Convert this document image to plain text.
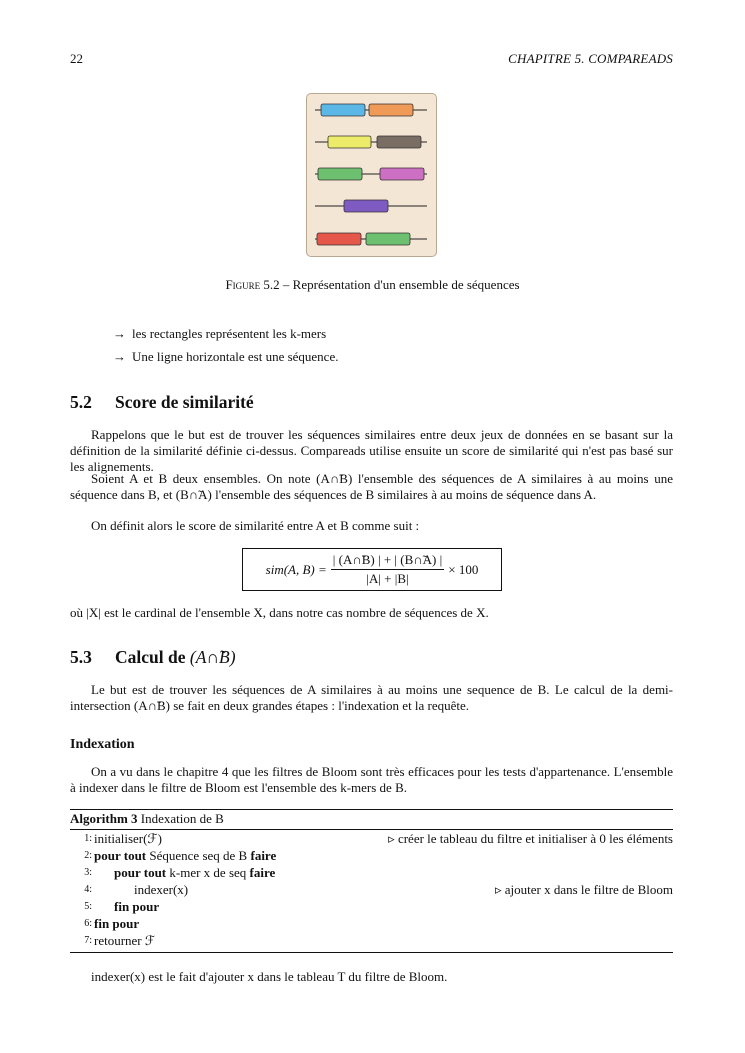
22	CHAPITRE 5. COMPAREADS
Figure 5.2 – Représentation d'un ensemble de séquences
→ les rectangles représentent les k-mers
→ Une ligne horizontale est une séquence.
5.2 Score de similarité

Rappelons que le but est de trouver les séquences similaires entre deux jeux de données en se basant sur la définition de la similarité définie ci-dessus. Compareads utilise ensuite un score de similarité qui n'est pas basé sur les alignements.

Soient A et B deux ensembles. On note (A∩̃B) l'ensemble des séquences de A similaires à au moins une séquence dans B, et (B∩̃A) l'ensemble des séquences de B similaires à au moins de séquence dans A.

On définit alors le score de similarité entre A et B comme suit :

sim(A, $B) = \frac{| (A\cap̃B) | + | (B\cap̃A) |}{|A| + |B|} \times 100$

où |X| est le cardinal de l'ensemble X, dans notre cas nombre de séquences de X.

5.3 Calcul de (A∩̃B)

Le but est de trouver les séquences de A similaires à au moins une sequence de B. Le calcul de la demi-intersection (A∩̃B) se fait en deux grandes étapes : l'indexation et la requête.

Indexation

On a vu dans le chapitre 4 que les filtres de Bloom sont très efficaces pour les tests d'appartenance. L'ensemble à indexer dans le filtre de Bloom est l'ensemble des k-mers de B.

Algorithm 3 Indexation de B
1: initialiser(ℱ)	▹ créer le tableau du filtre et initialiser à 0 les éléments
2: pour tout Séquence seq de B faire
3: pour tout k-mer x de seq faire
4:	indexer(x)	▹ ajouter x dans le filtre de Bloom
5: fin pour
6: fin pour
7: retourner ℱ

indexer(x) est le fait d'ajouter x dans le tableau T du filtre de Bloom.
